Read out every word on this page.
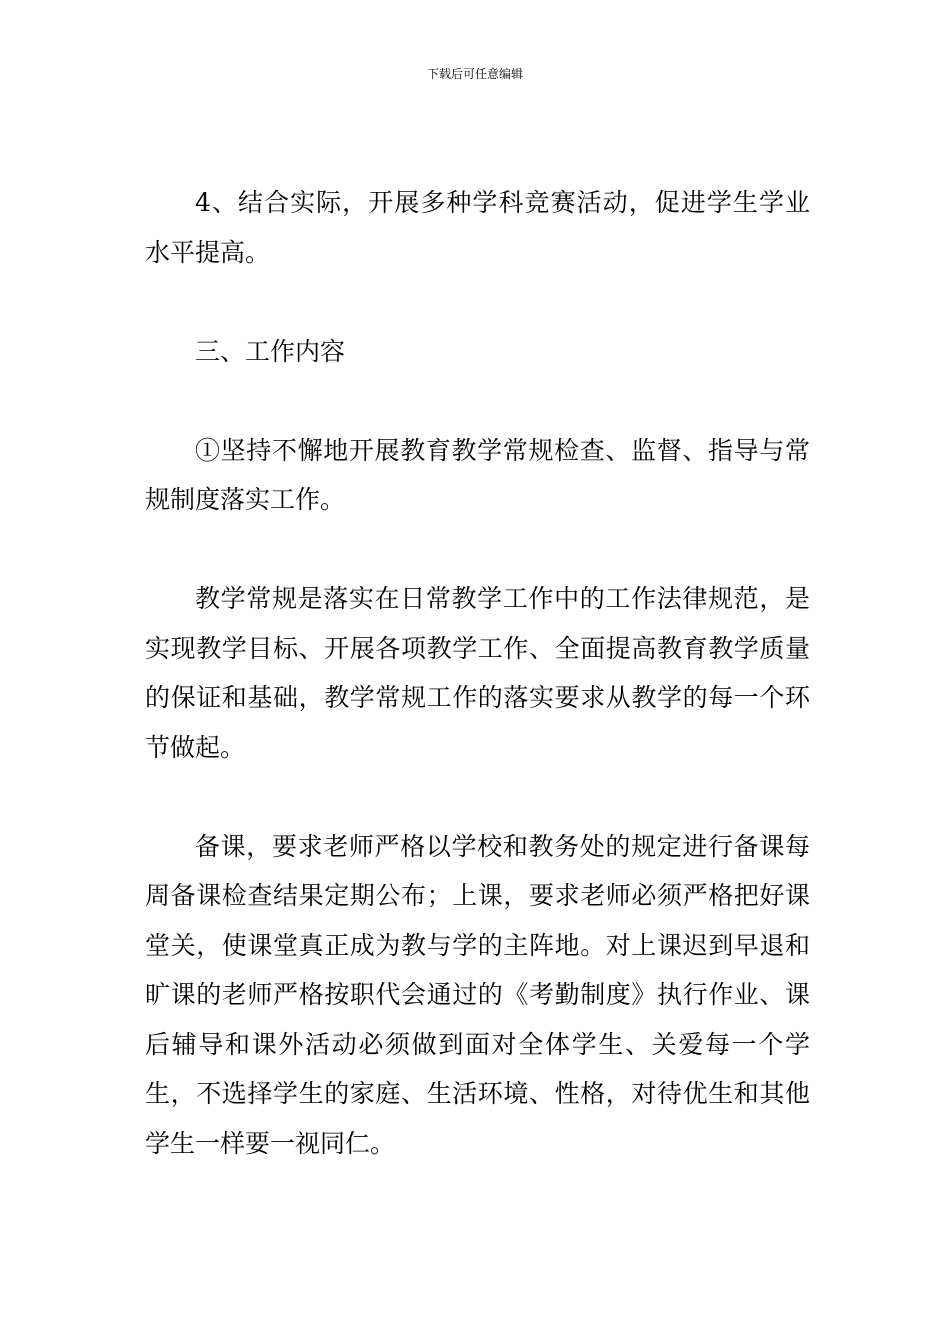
下载后可任意编辑

4、结合实际，开展多种学科竞赛活动，促进学生学业水平提高。

三、工作内容

①坚持不懈地开展教育教学常规检查、监督、指导与常规制度落实工作。

教学常规是落实在日常教学工作中的工作法律规范，是实现教学目标、开展各项教学工作、全面提高教育教学质量的保证和基础，教学常规工作的落实要求从教学的每一个环节做起。

备课，要求老师严格以学校和教务处的规定进行备课每周备课检查结果定期公布；上课，要求老师必须严格把好课堂关，使课堂真正成为教与学的主阵地。对上课迟到早退和旷课的老师严格按职代会通过的《考勤制度》执行作业、课后辅导和课外活动必须做到面对全体学生、关爱每一个学生，不选择学生的家庭、生活环境、性格，对待优生和其他学生一样要一视同仁。
